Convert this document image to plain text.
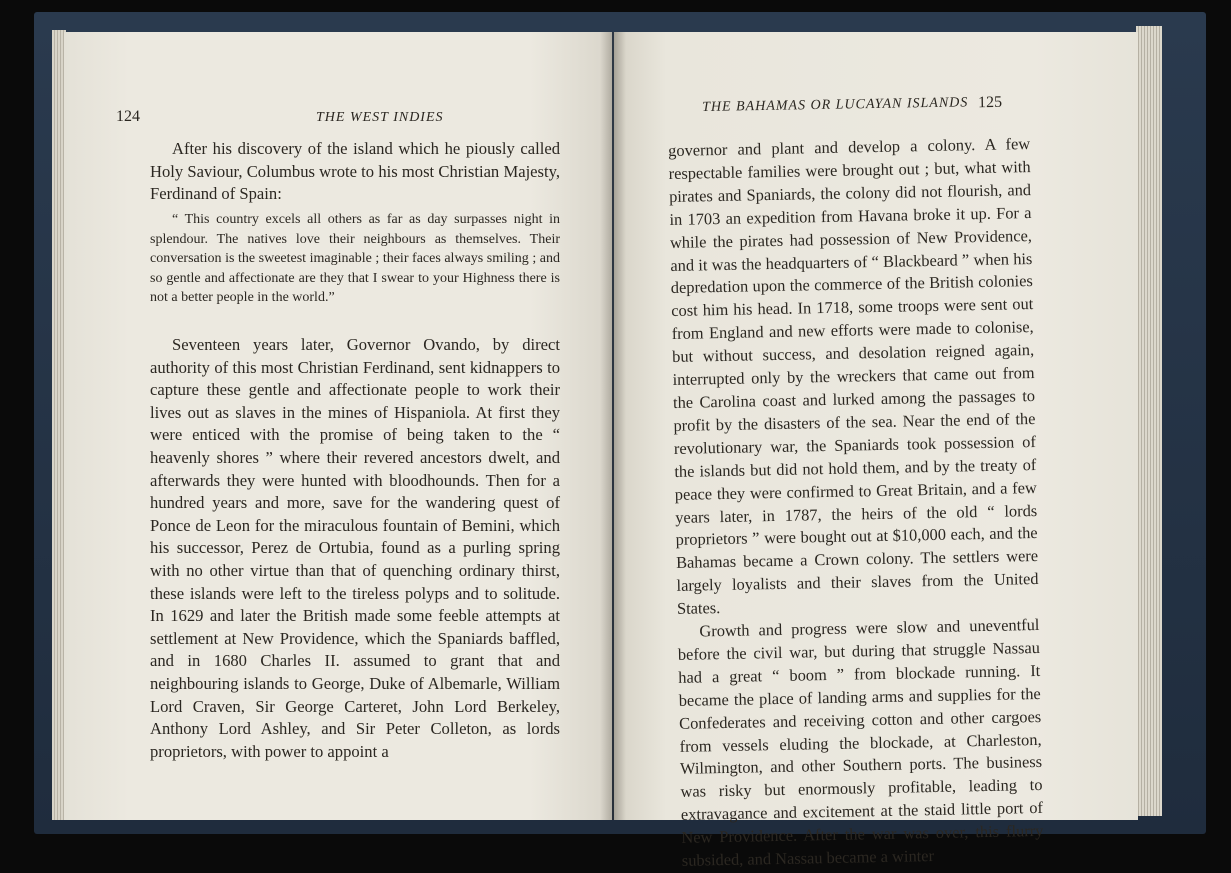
124	THE WEST INDIES

After his discovery of the island which he piously called Holy Saviour, Columbus wrote to his most Christian Majesty, Ferdinand of Spain:

“ This country excels all others as far as day surpasses night in splendour. The natives love their neighbours as themselves. Their conversation is the sweetest imaginable ; their faces always smiling ; and so gentle and affectionate are they that I swear to your Highness there is not a better people in the world.”

Seventeen years later, Governor Ovando, by direct authority of this most Christian Ferdinand, sent kidnappers to capture these gentle and affectionate people to work their lives out as slaves in the mines of Hispaniola. At first they were enticed with the promise of being taken to the “ heavenly shores ” where their revered ancestors dwelt, and afterwards they were hunted with bloodhounds. Then for a hundred years and more, save for the wandering quest of Ponce de Leon for the miraculous fountain of Bemini, which his successor, Perez de Ortubia, found as a purling spring with no other virtue than that of quenching ordinary thirst, these islands were left to the tireless polyps and to solitude. In 1629 and later the British made some feeble attempts at settlement at New Providence, which the Spaniards baffled, and in 1680 Charles II. assumed to grant that and neighbouring islands to George, Duke of Albemarle, William Lord Craven, Sir George Carteret, John Lord Berkeley, Anthony Lord Ashley, and Sir Peter Colleton, as lords proprietors, with power to appoint a

THE BAHAMAS OR LUCAYAN ISLANDS 125

governor and plant and develop a colony. A few respectable families were brought out ; but, what with pirates and Spaniards, the colony did not flourish, and in 1703 an expedition from Havana broke it up. For a while the pirates had possession of New Providence, and it was the headquarters of “ Blackbeard ” when his depredation upon the commerce of the British colonies cost him his head. In 1718, some troops were sent out from England and new efforts were made to colonise, but without success, and desolation reigned again, interrupted only by the wreckers that came out from the Carolina coast and lurked among the passages to profit by the disasters of the sea. Near the end of the revolutionary war, the Spaniards took possession of the islands but did not hold them, and by the treaty of peace they were confirmed to Great Britain, and a few years later, in 1787, the heirs of the old “ lords proprietors ” were bought out at $10,000 each, and the Bahamas became a Crown colony. The settlers were largely loyalists and their slaves from the United States.

Growth and progress were slow and uneventful before the civil war, but during that struggle Nassau had a great “ boom ” from blockade running. It became the place of landing arms and supplies for the Confederates and receiving cotton and other cargoes from vessels eluding the blockade, at Charleston, Wilmington, and other Southern ports. The business was risky but enormously profitable, leading to extravagance and excitement at the staid little port of New Providence. After the war was over, this flurry subsided, and Nassau became a winter
